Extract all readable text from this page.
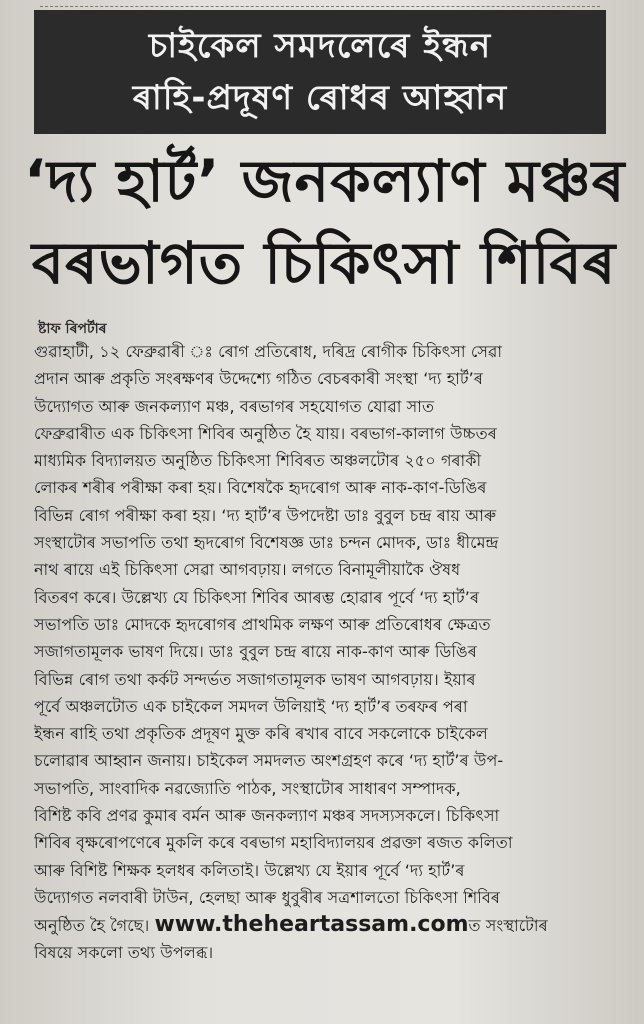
চাইকেল সমদলেৰে ইন্ধন
ৰাহি-প্ৰদূষণ ৰোধৰ আহ্বান
‘দ্য হাৰ্ট’ জনকল্যাণ মঞ্চৰ
বৰভাগত চিকিৎসা শিবিৰ
ষ্টাফ ৰিপৰ্টাৰ
গুৱাহাটী, ১২ ফেব্ৰুৱাৰী ঃ ৰোগ প্ৰতিৰোধ, দৰিদ্ৰ ৰোগীক চিকিৎসা সেৱা
প্ৰদান আৰু প্ৰকৃতি সংৰক্ষণৰ উদ্দেশ্যে গঠিত বেচৰকাৰী সংস্থা ‘দ্য হাৰ্ট’ৰ
উদ্যোগত আৰু জনকল্যাণ মঞ্চ, বৰভাগৰ সহযোগত যোৱা সাত
ফেব্ৰুৱাৰীত এক চিকিৎসা শিবিৰ অনুষ্ঠিত হৈ যায়। বৰভাগ-কালাগ উচ্চতৰ
মাধ্যমিক বিদ্যালয়ত অনুষ্ঠিত চিকিৎসা শিবিৰত অঞ্চলটোৰ ২৫০ গৰাকী
লোকৰ শৰীৰ পৰীক্ষা কৰা হয়। বিশেষকৈ হৃদৰোগ আৰু নাক-কাণ-ডিঙিৰ
বিভিন্ন ৰোগ পৰীক্ষা কৰা হয়। ‘দ্য হাৰ্ট’ৰ উপদেষ্টা ডাঃ বুবুল চন্দ্ৰ ৰায় আৰু
সংস্থাটোৰ সভাপতি তথা হৃদৰোগ বিশেষজ্ঞ ডাঃ চন্দন মোদক, ডাঃ ধীমেন্দ্ৰ
নাথ ৰায়ে এই চিকিৎসা সেৱা আগবঢ়ায়। লগতে বিনামূলীয়াকৈ ঔষধ
বিতৰণ কৰে। উল্লেখ্য যে চিকিৎসা শিবিৰ আৰম্ভ হোৱাৰ পূৰ্বে ‘দ্য হাৰ্ট’ৰ
সভাপতি ডাঃ মোদকে হৃদৰোগৰ প্ৰাথমিক লক্ষণ আৰু প্ৰতিৰোধৰ ক্ষেত্ৰত
সজাগতামূলক ভাষণ দিয়ে। ডাঃ বুবুল চন্দ্ৰ ৰায়ে নাক-কাণ আৰু ডিঙিৰ
বিভিন্ন ৰোগ তথা কৰ্কট সন্দৰ্ভত সজাগতামূলক ভাষণ আগবঢ়ায়। ইয়াৰ
পূৰ্বে অঞ্চলটোত এক চাইকেল সমদল উলিয়াই ‘দ্য হাৰ্ট’ৰ তৰফৰ পৰা
ইন্ধন ৰাহি তথা প্ৰকৃতিক প্ৰদূষণ মুক্ত কৰি ৰখাৰ বাবে সকলোকে চাইকেল
চলোৱাৰ আহ্বান জনায়। চাইকেল সমদলত অংশগ্ৰহণ কৰে ‘দ্য হাৰ্ট’ৰ উপ-
সভাপতি, সাংবাদিক নৱজ্যোতি পাঠক, সংস্থাটোৰ সাধাৰণ সম্পাদক,
বিশিষ্ট কবি প্ৰণৱ কুমাৰ বৰ্মন আৰু জনকল্যাণ মঞ্চৰ সদস্যসকলে। চিকিৎসা
শিবিৰ বৃক্ষৰোপণেৰে মুকলি কৰে বৰভাগ মহাবিদ্যালয়ৰ প্ৰৱক্তা ৰজত কলিতা
আৰু বিশিষ্ট শিক্ষক হলধৰ কলিতাই। উল্লেখ্য যে ইয়াৰ পূৰ্বে ‘দ্য হাৰ্ট’ৰ
উদ্যোগত নলবাৰী টাউন, হেলছা আৰু ধুবুৰীৰ সত্ৰশালতো চিকিৎসা শিবিৰ
অনুষ্ঠিত হৈ গৈছে। www.theheartassam.comত সংস্থাটোৰ
বিষয়ে সকলো তথ্য উপলব্ধ।
